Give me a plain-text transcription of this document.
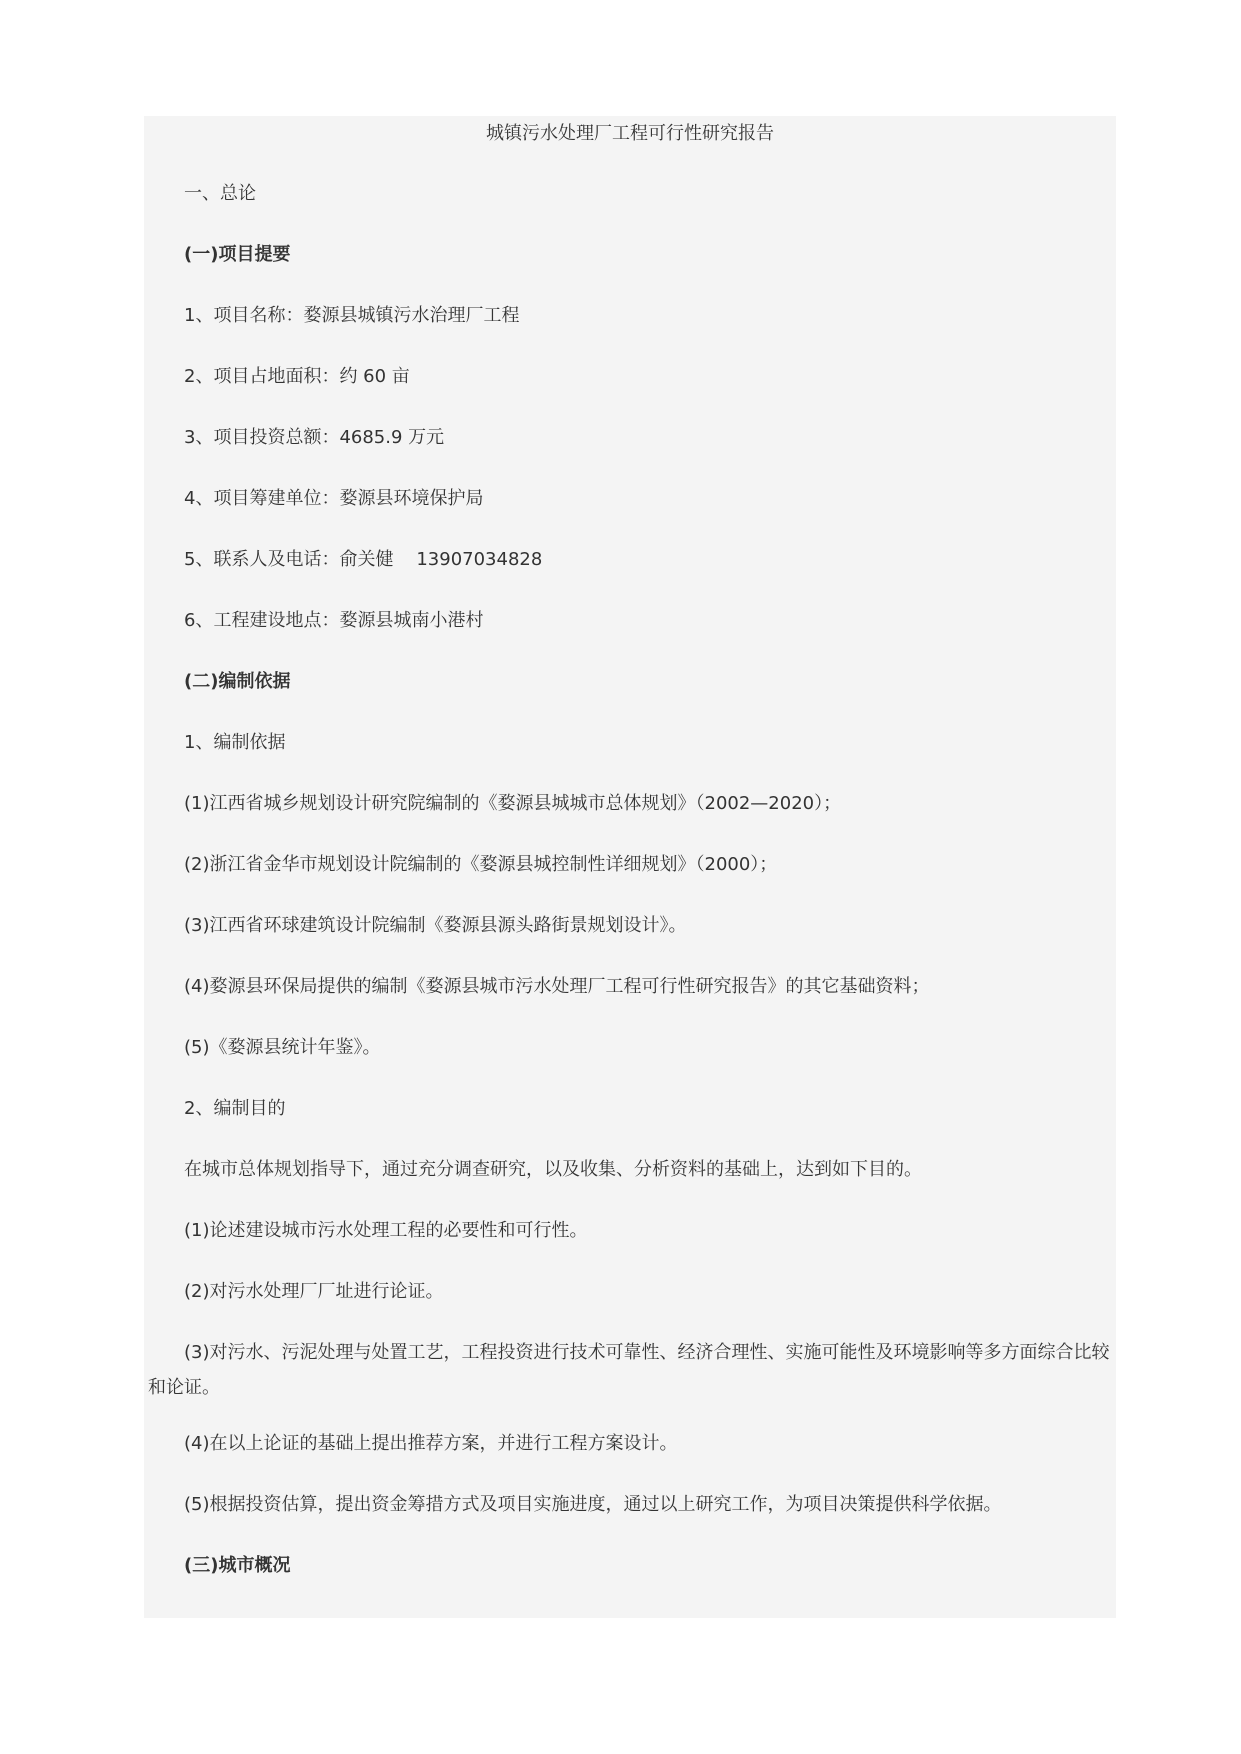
城镇污水处理厂工程可行性研究报告
一、总论
(一)项目提要
1、项目名称：婺源县城镇污水治理厂工程
2、项目占地面积：约 60 亩
3、项目投资总额：4685.9 万元
4、项目筹建单位：婺源县环境保护局
5、联系人及电话：俞关健    13907034828
6、工程建设地点：婺源县城南小港村
(二)编制依据
1、编制依据
(1)江西省城乡规划设计研究院编制的《婺源县城城市总体规划》（2002—2020）；
(2)浙江省金华市规划设计院编制的《婺源县城控制性详细规划》（2000）；
(3)江西省环球建筑设计院编制《婺源县源头路街景规划设计》。
(4)婺源县环保局提供的编制《婺源县城市污水处理厂工程可行性研究报告》的其它基础资料；
(5)《婺源县统计年鉴》。
2、编制目的
在城市总体规划指导下，通过充分调查研究，以及收集、分析资料的基础上，达到如下目的。
(1)论述建设城市污水处理工程的必要性和可行性。
(2)对污水处理厂厂址进行论证。
(3)对污水、污泥处理与处置工艺，工程投资进行技术可靠性、经济合理性、实施可能性及环境影响等多方面综合比较和论证。
(4)在以上论证的基础上提出推荐方案，并进行工程方案设计。
(5)根据投资估算，提出资金筹措方式及项目实施进度，通过以上研究工作，为项目决策提供科学依据。
(三)城市概况
